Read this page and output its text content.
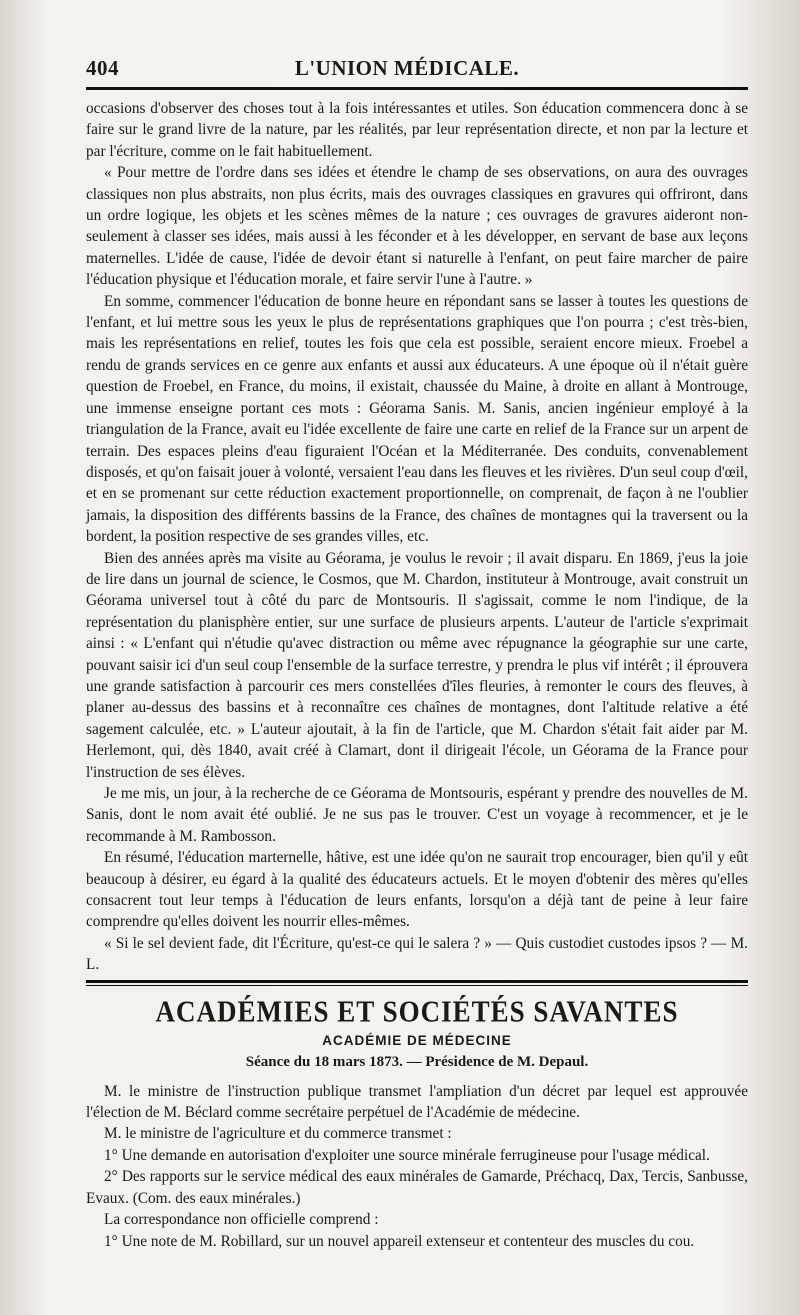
404	L'UNION MÉDICALE.

occasions d'observer des choses tout à la fois intéressantes et utiles. Son éducation commencera donc à se faire sur le grand livre de la nature, par les réalités, par leur représentation directe, et non par la lecture et par l'écriture, comme on le fait habituellement.

« Pour mettre de l'ordre dans ses idées et étendre le champ de ses observations, on aura des ouvrages classiques non plus abstraits, non plus écrits, mais des ouvrages classiques en gravures qui offriront, dans un ordre logique, les objets et les scènes mêmes de la nature ; ces ouvrages de gravures aideront non-seulement à classer ses idées, mais aussi à les féconder et à les développer, en servant de base aux leçons maternelles. L'idée de cause, l'idée de devoir étant si naturelle à l'enfant, on peut faire marcher de paire l'éducation physique et l'éducation morale, et faire servir l'une à l'autre. »

En somme, commencer l'éducation de bonne heure en répondant sans se lasser à toutes les questions de l'enfant, et lui mettre sous les yeux le plus de représentations graphiques que l'on pourra ; c'est très-bien, mais les représentations en relief, toutes les fois que cela est possible, seraient encore mieux. Froebel a rendu de grands services en ce genre aux enfants et aussi aux éducateurs. A une époque où il n'était guère question de Froebel, en France, du moins, il existait, chaussée du Maine, à droite en allant à Montrouge, une immense enseigne portant ces mots : Géorama Sanis. M. Sanis, ancien ingénieur employé à la triangulation de la France, avait eu l'idée excellente de faire une carte en relief de la France sur un arpent de terrain. Des espaces pleins d'eau figuraient l'Océan et la Méditerranée. Des conduits, convenablement disposés, et qu'on faisait jouer à volonté, versaient l'eau dans les fleuves et les rivières. D'un seul coup d'œil, et en se promenant sur cette réduction exactement proportionnelle, on comprenait, de façon à ne l'oublier jamais, la disposition des différents bassins de la France, des chaînes de montagnes qui la traversent ou la bordent, la position respective de ses grandes villes, etc.

Bien des années après ma visite au Géorama, je voulus le revoir ; il avait disparu. En 1869, j'eus la joie de lire dans un journal de science, le Cosmos, que M. Chardon, instituteur à Montrouge, avait construit un Géorama universel tout à côté du parc de Montsouris. Il s'agissait, comme le nom l'indique, de la représentation du planisphère entier, sur une surface de plusieurs arpents. L'auteur de l'article s'exprimait ainsi : « L'enfant qui n'étudie qu'avec distraction ou même avec répugnance la géographie sur une carte, pouvant saisir ici d'un seul coup l'ensemble de la surface terrestre, y prendra le plus vif intérêt ; il éprouvera une grande satisfaction à parcourir ces mers constellées d'îles fleuries, à remonter le cours des fleuves, à planer au-dessus des bassins et à reconnaître ces chaînes de montagnes, dont l'altitude relative a été sagement calculée, etc. » L'auteur ajoutait, à la fin de l'article, que M. Chardon s'était fait aider par M. Herlemont, qui, dès 1840, avait créé à Clamart, dont il dirigeait l'école, un Géorama de la France pour l'instruction de ses élèves.

Je me mis, un jour, à la recherche de ce Géorama de Montsouris, espérant y prendre des nouvelles de M. Sanis, dont le nom avait été oublié. Je ne sus pas le trouver. C'est un voyage à recommencer, et je le recommande à M. Rambosson.

En résumé, l'éducation marternelle, hâtive, est une idée qu'on ne saurait trop encourager, bien qu'il y eût beaucoup à désirer, eu égard à la qualité des éducateurs actuels. Et le moyen d'obtenir des mères qu'elles consacrent tout leur temps à l'éducation de leurs enfants, lorsqu'on a déjà tant de peine à leur faire comprendre qu'elles doivent les nourrir elles-mêmes.

« Si le sel devient fade, dit l'Écriture, qu'est-ce qui le salera ? » — Quis custodiet custodes ipsos ? — M. L.

ACADÉMIES ET SOCIÉTÉS SAVANTES
ACADÉMIE DE MÉDECINE
Séance du 18 mars 1873. — Présidence de M. Depaul.

M. le ministre de l'instruction publique transmet l'ampliation d'un décret par lequel est approuvée l'élection de M. Béclard comme secrétaire perpétuel de l'Académie de médecine.

M. le ministre de l'agriculture et du commerce transmet :

1° Une demande en autorisation d'exploiter une source minérale ferrugineuse pour l'usage médical.

2° Des rapports sur le service médical des eaux minérales de Gamarde, Préchacq, Dax, Tercis, Sanbusse, Evaux. (Com. des eaux minérales.)

La correspondance non officielle comprend :

1° Une note de M. Robillard, sur un nouvel appareil extenseur et contenteur des muscles du cou.
